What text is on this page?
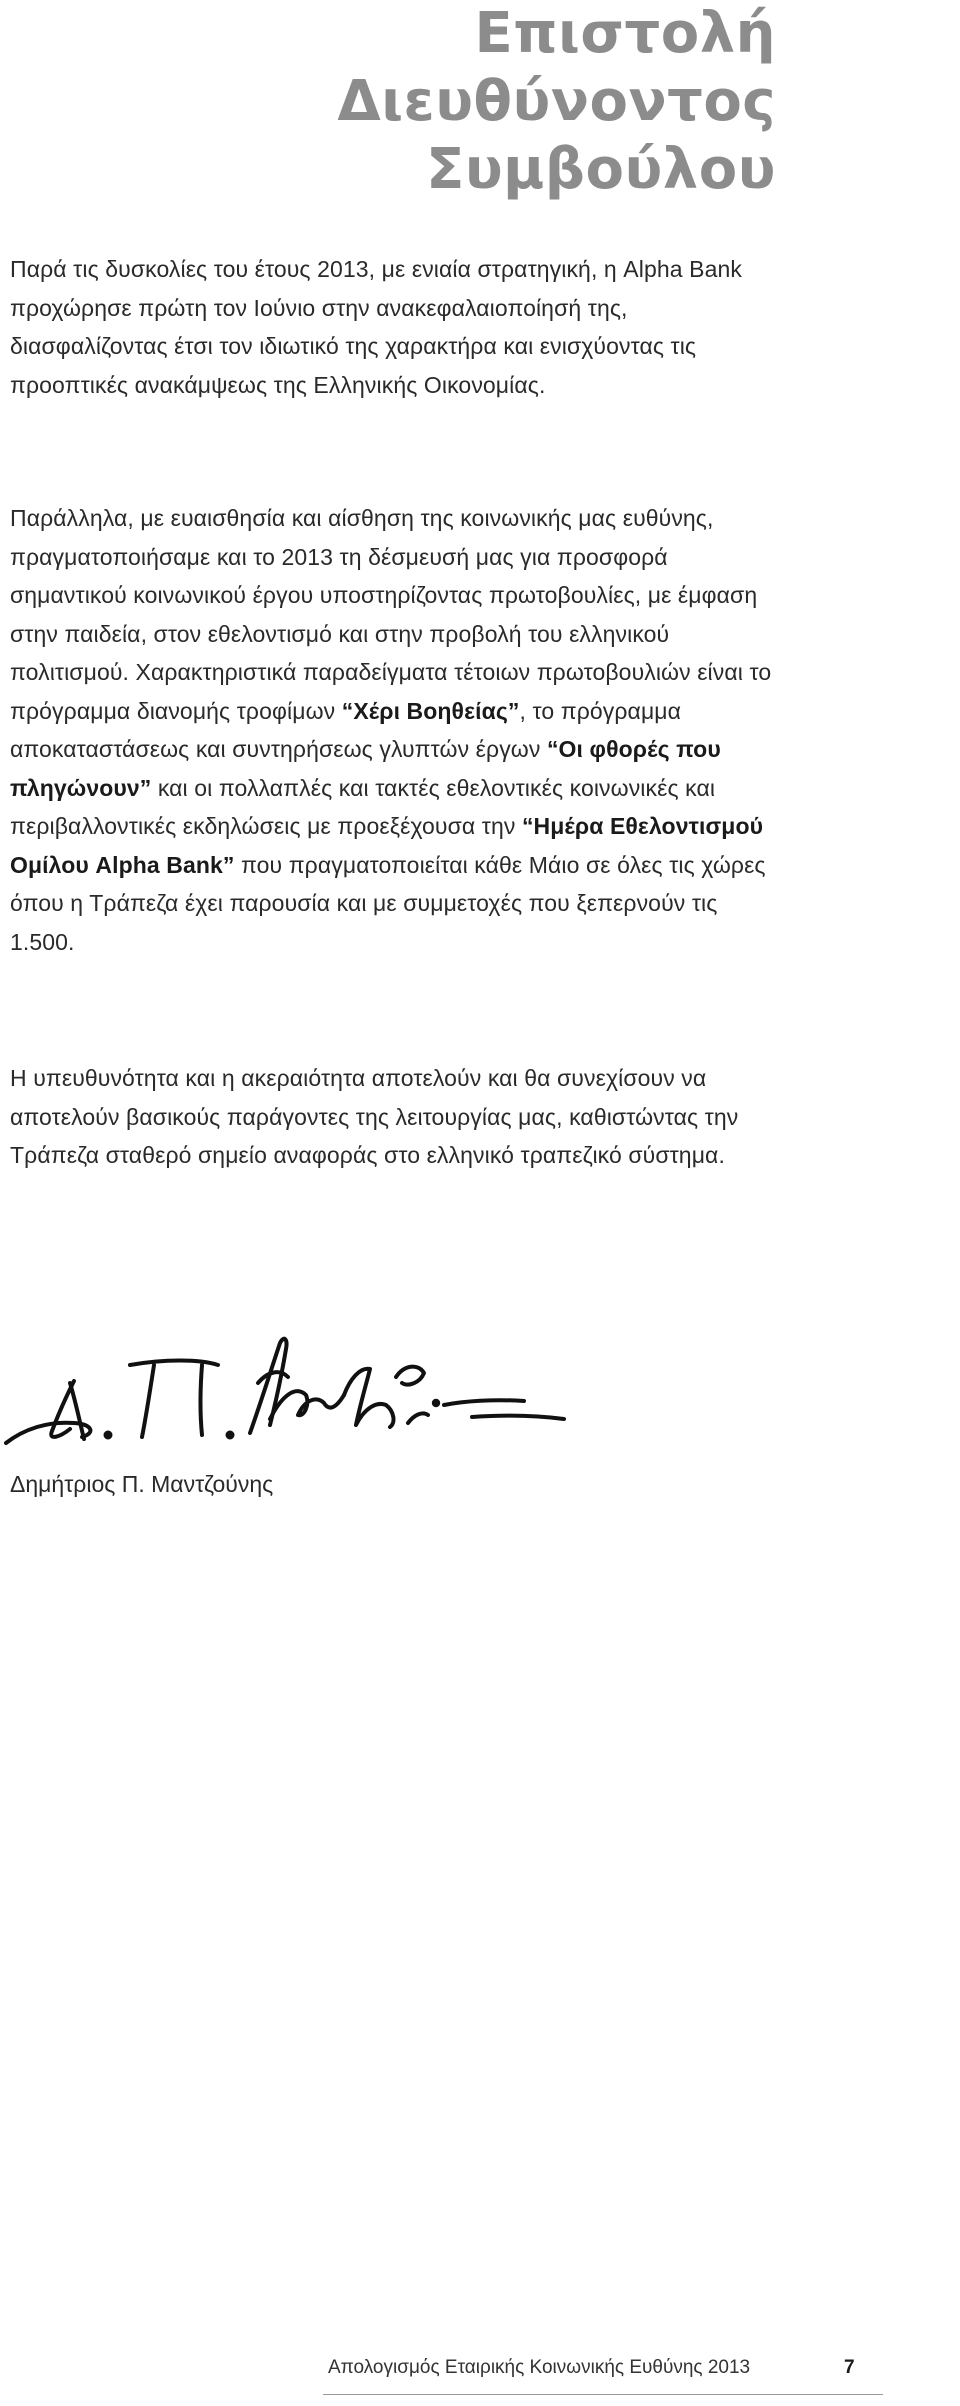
Επιστολή
Διευθύνοντος Συμβούλου

Παρά τις δυσκολίες του έτους 2013, με ενιαία στρατηγική, η Alpha Bank προχώρησε πρώτη τον Ιούνιο στην ανακεφαλαιοποίησή της, διασφαλίζοντας έτσι τον ιδιωτικό της χαρακτήρα και ενισχύοντας τις προοπτικές ανακάμψεως της Ελληνικής Οικονομίας.

Παράλληλα, με ευαισθησία και αίσθηση της κοινωνικής μας ευθύνης, πραγματοποιήσαμε και το 2013 τη δέσμευσή μας για προσφορά σημαντικού κοινωνικού έργου υποστηρίζοντας πρωτοβουλίες, με έμφαση στην παιδεία, στον εθελοντισμό και στην προβολή του ελληνικού πολιτισμού. Χαρακτηριστικά παραδείγματα τέτοιων πρωτοβουλιών είναι το πρόγραμμα διανομής τροφίμων “Χέρι Βοηθείας”, το πρόγραμμα αποκαταστάσεως και συντηρήσεως γλυπτών έργων “Οι φθορές που πληγώνουν” και οι πολλαπλές και τακτές εθελοντικές κοινωνικές και περιβαλλοντικές εκδηλώσεις με προεξέχουσα την “Ημέρα Εθελοντισμού Ομίλου Alpha Bank” που πραγματοποιείται κάθε Μάιο σε όλες τις χώρες όπου η Τράπεζα έχει παρουσία και με συμμετοχές που ξεπερνούν τις 1.500.

Η υπευθυνότητα και η ακεραιότητα αποτελούν και θα συνεχίσουν να αποτελούν βασικούς παράγοντες της λειτουργίας μας, καθιστώντας την Τράπεζα σταθερό σημείο αναφοράς στο ελληνικό τραπεζικό σύστημα.

Δημήτριος Π. Μαντζούνης

Απολογισμός Εταιρικής Κοινωνικής Ευθύνης 2013	7
